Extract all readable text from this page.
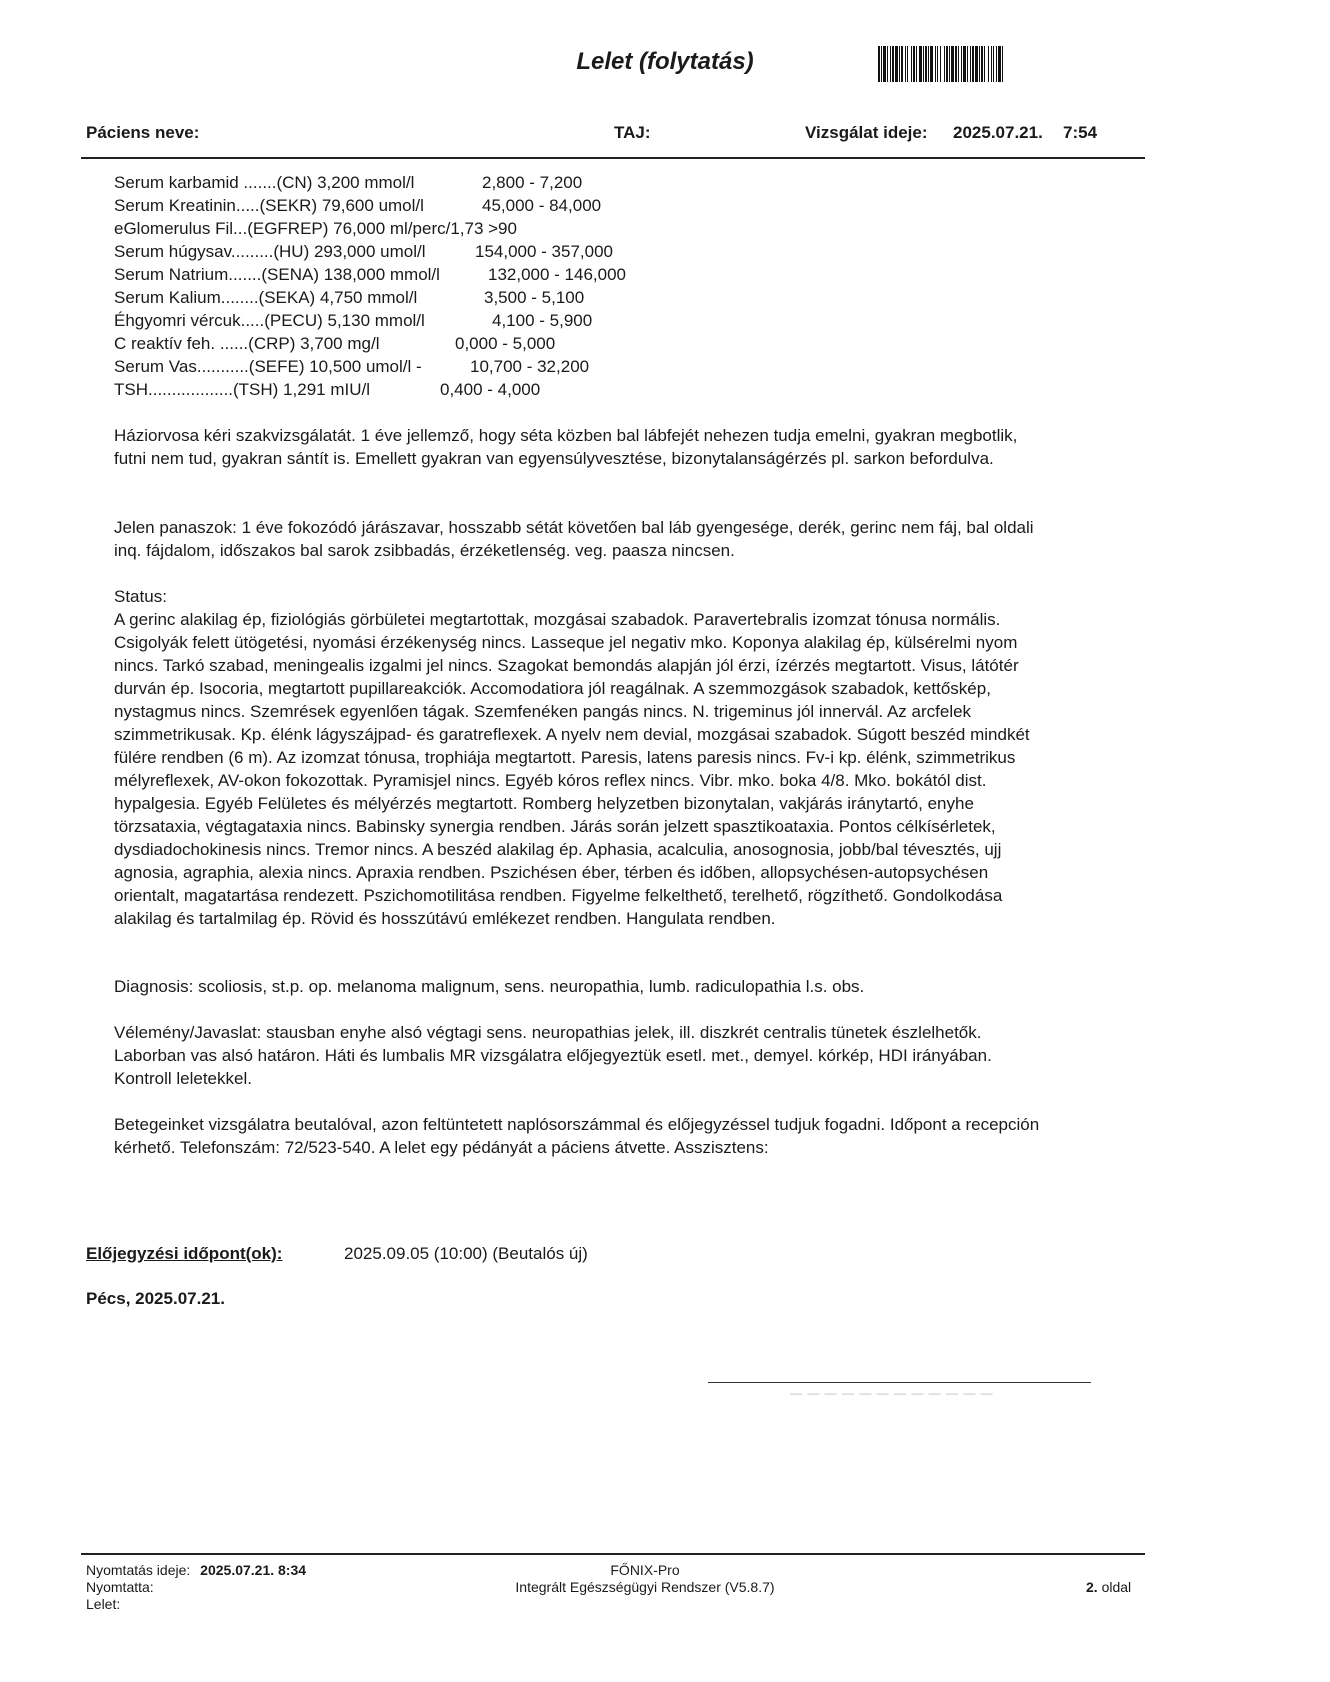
Lelet (folytatás)
Páciens neve:	TAJ:	Vizsgálat ideje: 2025.07.21. 7:54
Serum karbamid .......(CN) 3,200 mmol/l	2,800 - 7,200
Serum Kreatinin.....(SEKR) 79,600 umol/l	45,000 - 84,000
eGlomerulus Fil...(EGFREP) 76,000 ml/perc/1,73 >90
Serum húgysav.........(HU) 293,000 umol/l	154,000 - 357,000
Serum Natrium.......(SENA) 138,000 mmol/l	132,000 - 146,000
Serum Kalium........(SEKA) 4,750 mmol/l	3,500 - 5,100
Éhgyomri vércuk.....(PECU) 5,130 mmol/l	4,100 - 5,900
C reaktív feh. ......(CRP) 3,700 mg/l	0,000 - 5,000
Serum Vas...........(SEFE) 10,500 umol/l -	10,700 - 32,200
TSH..................(TSH) 1,291 mIU/l	0,400 - 4,000

Háziorvosa kéri szakvizsgálatát. 1 éve jellemző, hogy séta közben bal lábfejét nehezen tudja emelni, gyakran megbotlik, futni nem tud, gyakran sántít is. Emellett gyakran van egyensúlyvesztése, bizonytalanságérzés pl. sarkon befordulva.

Jelen panaszok: 1 éve fokozódó járászavar, hosszabb sétát követően bal láb gyengesége, derék, gerinc nem fáj, bal oldali inq. fájdalom, időszakos bal sarok zsibbadás, érzéketlenség. veg. paasza nincsen.

Status:

A gerinc alakilag ép, fiziológiás görbületei megtartottak, mozgásai szabadok. Paravertebralis izomzat tónusa normális. Csigolyák felett ütögetési, nyomási érzékenység nincs. Lasseque jel negativ mko. Koponya alakilag ép, külsérelmi nyom nincs. Tarkó szabad, meningealis izgalmi jel nincs. Szagokat bemondás alapján jól érzi, ízérzés megtartott. Visus, látótér durván ép. Isocoria, megtartott pupillareakciók. Accomodatiora jól reagálnak. A szemmozgások szabadok, kettőskép, nystagmus nincs. Szemrések egyenlően tágak. Szemfenéken pangás nincs. N. trigeminus jól innervál. Az arcfelek szimmetrikusak. Kp. élénk lágyszájpad- és garatreflexek. A nyelv nem devial, mozgásai szabadok. Súgott beszéd mindkét fülére rendben (6 m). Az izomzat tónusa, trophiája megtartott. Paresis, latens paresis nincs. Fv-i kp. élénk, szimmetrikus mélyreflexek, AV-okon fokozottak. Pyramisjel nincs. Egyéb kóros reflex nincs. Vibr. mko. boka 4/8. Mko. bokától dist. hypalgesia. Egyéb Felületes és mélyérzés megtartott. Romberg helyzetben bizonytalan, vakjárás iránytartó, enyhe törzsataxia, végtagataxia nincs. Babinsky synergia rendben. Járás során jelzett spasztikoataxia. Pontos célkísérletek, dysdiadochokinesis nincs. Tremor nincs. A beszéd alakilag ép. Aphasia, acalculia, anosognosia, jobb/bal tévesztés, ujj agnosia, agraphia, alexia nincs. Apraxia rendben. Pszichésen éber, térben és időben, allopsychésen-autopsychésen orientalt, magatartása rendezett. Pszichomotilitása rendben. Figyelme felkelthető, terelhető, rögzíthető. Gondolkodása alakilag és tartalmilag ép. Rövid és hosszútávú emlékezet rendben. Hangulata rendben.

Diagnosis: scoliosis, st.p. op. melanoma malignum, sens. neuropathia, lumb. radiculopathia l.s. obs.

Vélemény/Javaslat: stausban enyhe alsó végtagi sens. neuropathias jelek, ill. diszkrét centralis tünetek észlelhetők. Laborban vas alsó határon. Háti és lumbalis MR vizsgálatra előjegyeztük esetl. met., demyel. kórkép, HDI irányában. Kontroll leletekkel.

Betegeinket vizsgálatra beutalóval, azon feltüntetett naplósorszámmal és előjegyzéssel tudjuk fogadni. Időpont a recepción kérhető. Telefonszám: 72/523-540. A lelet egy pédányát a páciens átvette. Asszisztens:

Előjegyzési időpont(ok):	2025.09.05 (10:00) (Beutalós új)
Pécs, 2025.07.21.
— — — — — — — — — — — —
Nyomtatás ideje: 2025.07.21. 8:34
Nyomtatta:
Lelet:
FŐNIX-Pro
Integrált Egészségügyi Rendszer (V5.8.7)	2. oldal
